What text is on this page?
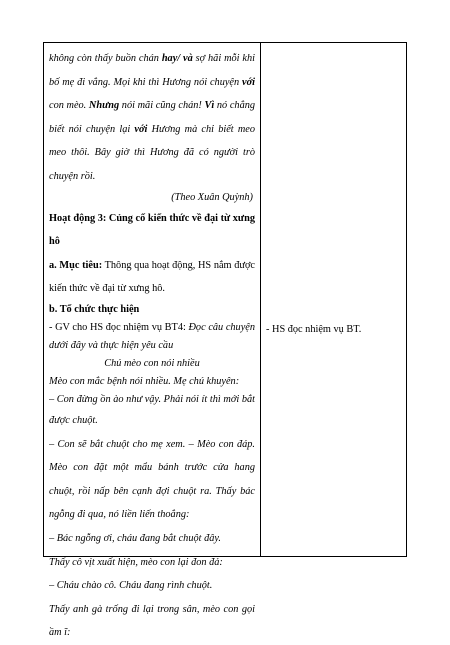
không còn thấy buồn chán hay/ và sợ hãi mỗi khi
bố mẹ đi vắng. Mọi khi thì Hương nói chuyện với
con mèo. Nhưng nói mãi cũng chán! Vì nó chẳng
biết nói chuyện lại với Hương mà chỉ biết meo
meo thôi. Bây giờ thì Hương đã có người trò
chuyện rồi.
(Theo Xuân Quỳnh)
Hoạt động 3: Củng cố kiến thức về đại từ xưng
hô
a. Mục tiêu: Thông qua hoạt động, HS nắm được
kiến thức về đại từ xưng hô.
b. Tổ chức thực hiện
- GV cho HS đọc nhiệm vụ BT4: Đọc câu chuyện
dưới đây và thực hiện yêu cầu
Chú mèo con nói nhiều
Mèo con mắc bệnh nói nhiều. Mẹ chú khuyên:
– Con đừng ồn ào như vậy. Phải nói ít thì mới bắt
được chuột.
– Con sẽ bắt chuột cho mẹ xem. – Mèo con đáp.
Mèo con đặt một mẩu bánh trước cửa hang
chuột, rồi nấp bên cạnh đợi chuột ra. Thấy bác
ngỗng đi qua, nó liền liến thoắng:
– Bác ngỗng ơi, cháu đang bắt chuột đây.
Thấy cô vịt xuất hiện, mèo con lại đon đả:
– Cháu chào cô. Cháu đang rình chuột.
Thấy anh gà trống đi lại trong sân, mèo con gọi
ầm ĩ:
- HS đọc nhiệm vụ BT.
